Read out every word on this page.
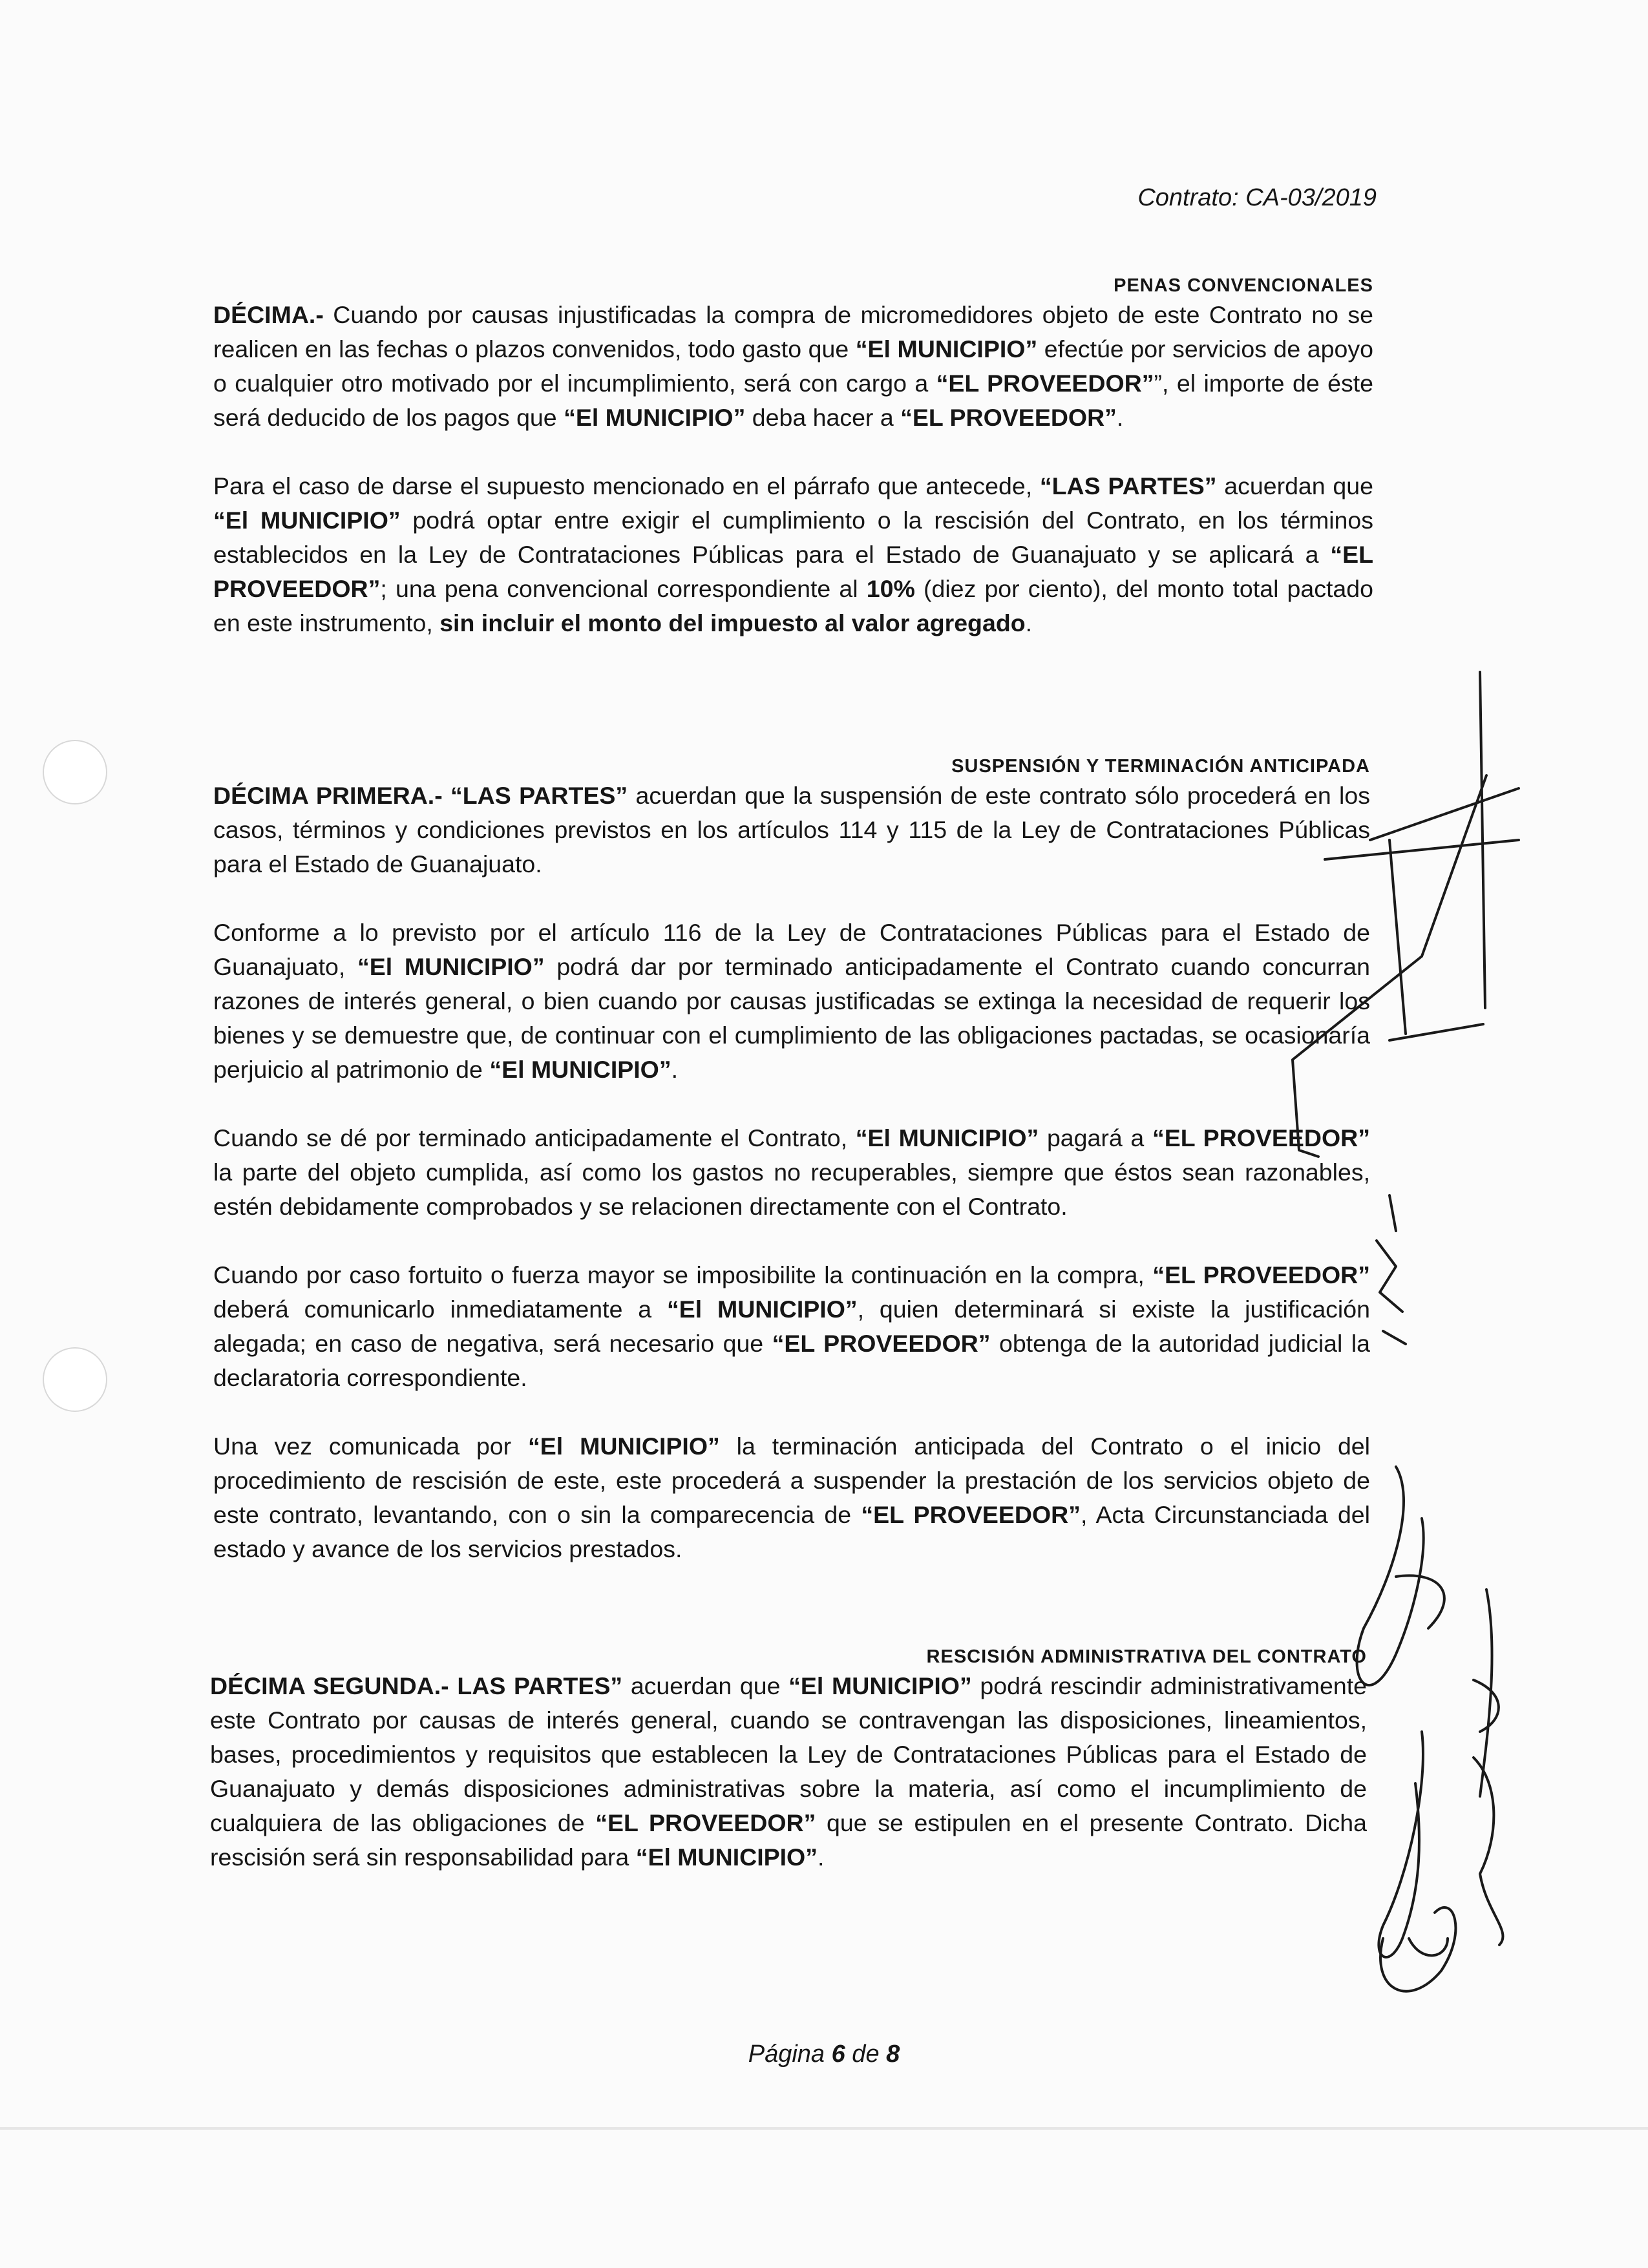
Contrato: CA-03/2019
PENAS CONVENCIONALES

DÉCIMA.- Cuando por causas injustificadas la compra de micromedidores objeto de este Contrato no se realicen en las fechas o plazos convenidos, todo gasto que “El MUNICIPIO” efectúe por servicios de apoyo o cualquier otro motivado por el incumplimiento, será con cargo a “EL PROVEEDOR””, el importe de éste será deducido de los pagos que “El MUNICIPIO” deba hacer a “EL PROVEEDOR”.

Para el caso de darse el supuesto mencionado en el párrafo que antecede, “LAS PARTES” acuerdan que “El MUNICIPIO” podrá optar entre exigir el cumplimiento o la rescisión del Contrato, en los términos establecidos en la Ley de Contrataciones Públicas para el Estado de Guanajuato y se aplicará a “EL PROVEEDOR”; una pena convencional correspondiente al 10% (diez por ciento), del monto total pactado en este instrumento, sin incluir el monto del impuesto al valor agregado.

SUSPENSIÓN Y TERMINACIÓN ANTICIPADA

DÉCIMA PRIMERA.- “LAS PARTES” acuerdan que la suspensión de este contrato sólo procederá en los casos, términos y condiciones previstos en los artículos 114 y 115 de la Ley de Contrataciones Públicas para el Estado de Guanajuato.

Conforme a lo previsto por el artículo 116 de la Ley de Contrataciones Públicas para el Estado de Guanajuato, “El MUNICIPIO” podrá dar por terminado anticipadamente el Contrato cuando concurran razones de interés general, o bien cuando por causas justificadas se extinga la necesidad de requerir los bienes y se demuestre que, de continuar con el cumplimiento de las obligaciones pactadas, se ocasionaría perjuicio al patrimonio de “El MUNICIPIO”.

Cuando se dé por terminado anticipadamente el Contrato, “El MUNICIPIO” pagará a “EL PROVEEDOR” la parte del objeto cumplida, así como los gastos no recuperables, siempre que éstos sean razonables, estén debidamente comprobados y se relacionen directamente con el Contrato.

Cuando por caso fortuito o fuerza mayor se imposibilite la continuación en la compra, “EL PROVEEDOR” deberá comunicarlo inmediatamente a “El MUNICIPIO”, quien determinará si existe la justificación alegada; en caso de negativa, será necesario que “EL PROVEEDOR” obtenga de la autoridad judicial la declaratoria correspondiente.

Una vez comunicada por “El MUNICIPIO” la terminación anticipada del Contrato o el inicio del procedimiento de rescisión de este, este procederá a suspender la prestación de los servicios objeto de este contrato, levantando, con o sin la comparecencia de “EL PROVEEDOR”, Acta Circunstanciada del estado y avance de los servicios prestados.

RESCISIÓN ADMINISTRATIVA DEL CONTRATO

DÉCIMA SEGUNDA.- LAS PARTES” acuerdan que “El MUNICIPIO” podrá rescindir administrativamente este Contrato por causas de interés general, cuando se contravengan las disposiciones, lineamientos, bases, procedimientos y requisitos que establecen la Ley de Contrataciones Públicas para el Estado de Guanajuato y demás disposiciones administrativas sobre la materia, así como el incumplimiento de cualquiera de las obligaciones de “EL PROVEEDOR” que se estipulen en el presente Contrato. Dicha rescisión será sin responsabilidad para “El MUNICIPIO”.

Página 6 de 8
